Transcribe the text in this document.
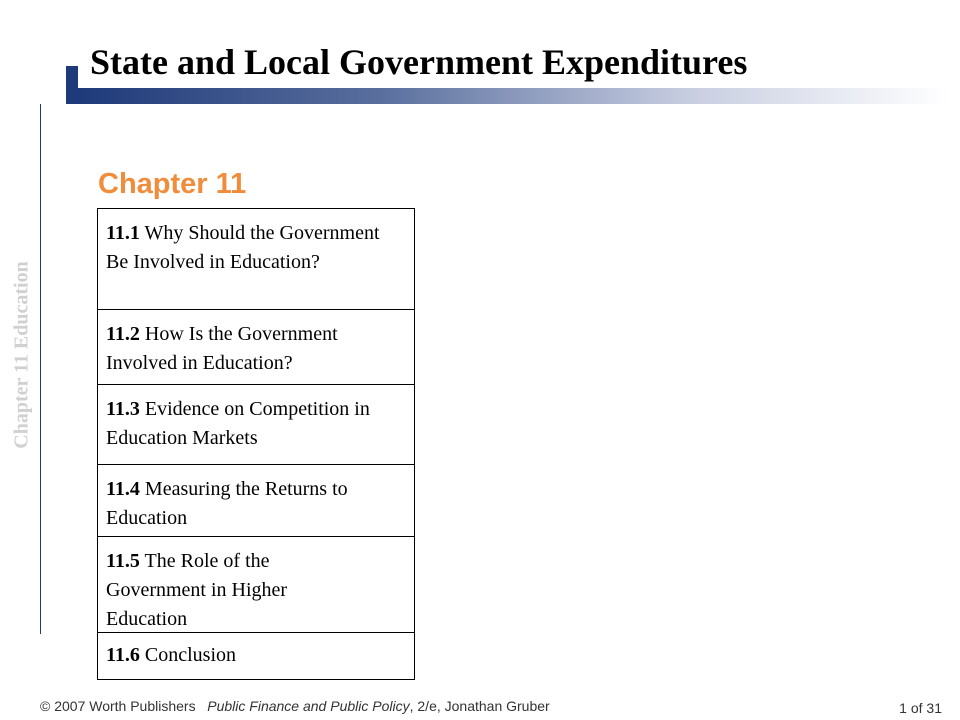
State and Local Government Expenditures
Chapter 11 Education
Chapter 11
11.1 Why Should the Government Be Involved in Education?
11.2 How Is the Government Involved in Education?
11.3 Evidence on Competition in Education Markets
11.4 Measuring the Returns to Education
11.5 The Role of the Government in Higher Education
11.6 Conclusion
© 2007 Worth Publishers Public Finance and Public Policy, 2/e, Jonathan Gruber	1 of 31
